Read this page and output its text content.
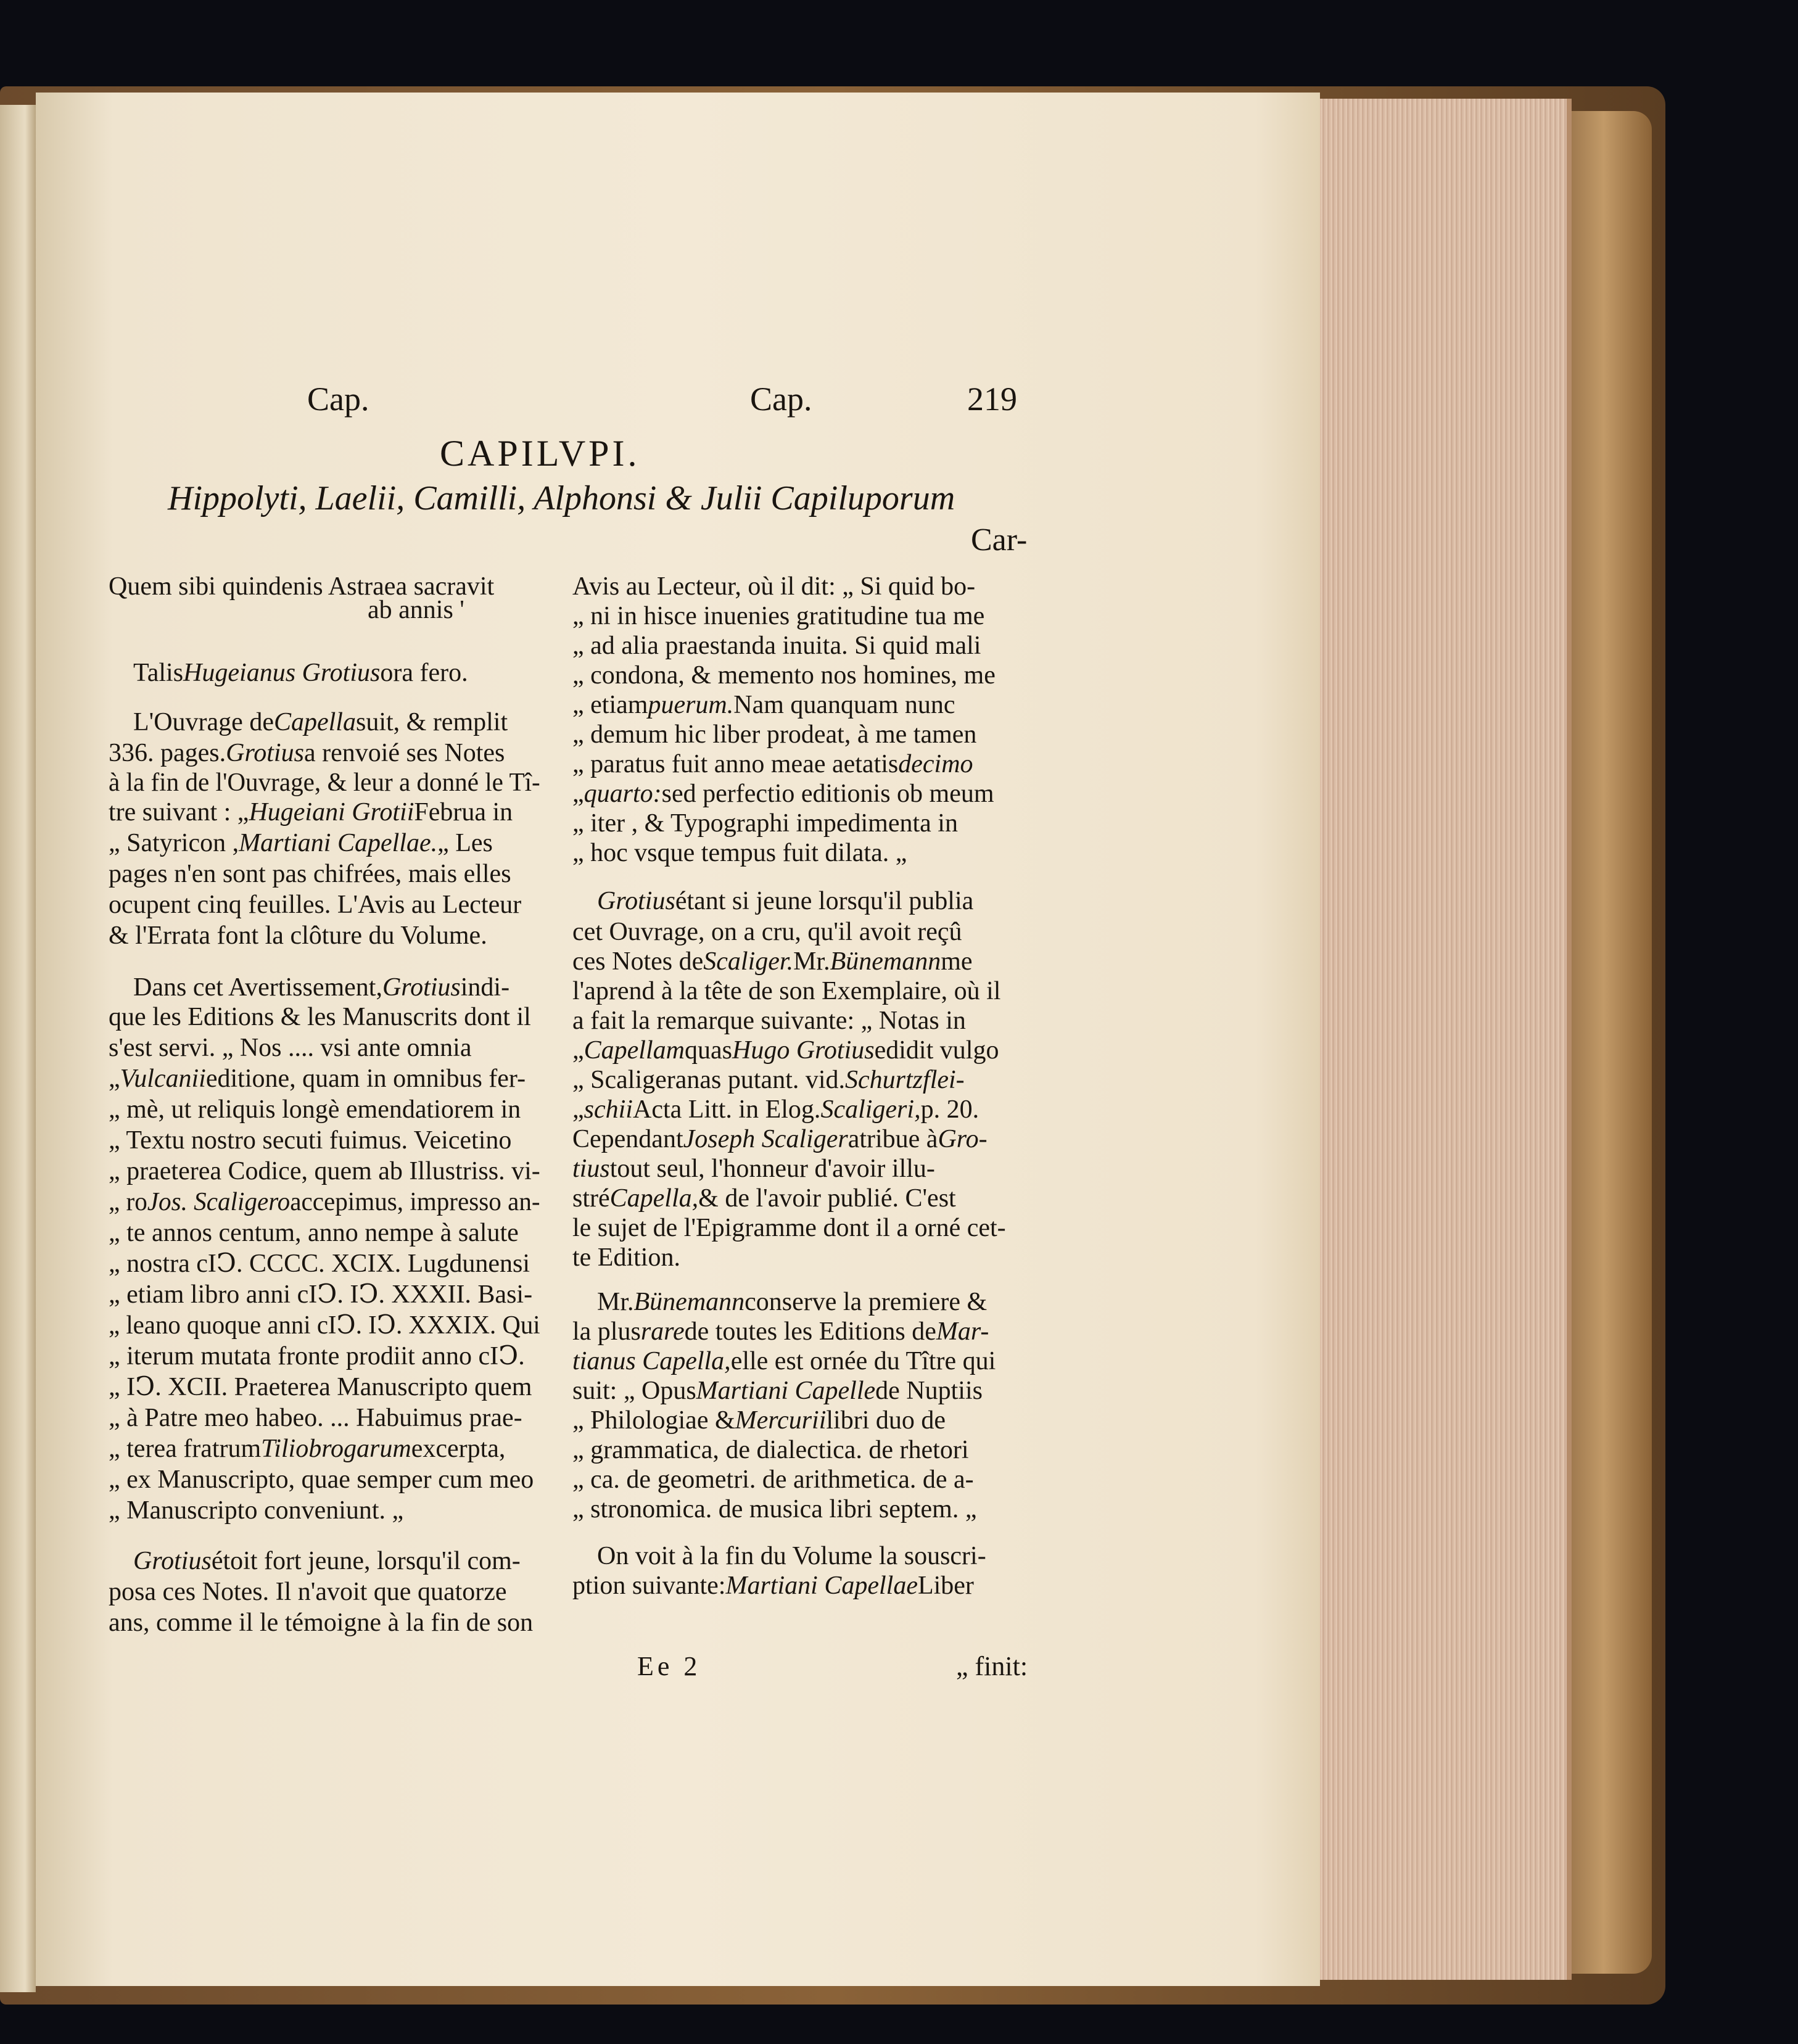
Cap.	Cap.	219
CAPILVPI.
Hippolyti, Laelii, Camilli, Alphonsi & Julii Capiluporum
Car-
Quem sibi quindenis Astraea sacravit
ab annis '
TalisHugeianus Grotiusora fero.
L'Ouvrage deCapellasuit, & remplit
336. pages.Grotiusa renvoié ses Notes
à la fin de l'Ouvrage, & leur a donné le Tî-
tre suivant : „Hugeiani GrotiiFebrua in
„ Satyricon ,Martiani Capellae.„ Les
pages n'en sont pas chifrées, mais elles
ocupent cinq feuilles. L'Avis au Lecteur
& l'Errata font la clôture du Volume.
Dans cet Avertissement,Grotiusindi-
que les Editions & les Manuscrits dont il
s'est servi. „ Nos .... vsi ante omnia
„Vulcaniieditione, quam in omnibus fer-
„ mè, ut reliquis longè emendatiorem in
„ Textu nostro secuti fuimus. Veicetino
„ praeterea Codice, quem ab Illustriss. vi-
„ roJos. Scaligeroaccepimus, impresso an-
„ te annos centum, anno nempe à salute
„ nostra cIↃ. CCCC. XCIX. Lugdunensi
„ etiam libro anni cIↃ. IↃ. XXXII. Basi-
„ leano quoque anni cIↃ. IↃ. XXXIX. Qui
„ iterum mutata fronte prodiit anno cIↃ.
„ IↃ. XCII. Praeterea Manuscripto quem
„ à Patre meo habeo. ... Habuimus prae-
„ terea fratrumTiliobrogarumexcerpta,
„ ex Manuscripto, quae semper cum meo
„ Manuscripto conveniunt. „
Grotiusétoit fort jeune, lorsqu'il com-
posa ces Notes. Il n'avoit que quatorze
ans, comme il le témoigne à la fin de son
Avis au Lecteur, où il dit: „ Si quid bo-
„ ni in hisce inuenies gratitudine tua me
„ ad alia praestanda inuita. Si quid mali
„ condona, & memento nos homines, me
„ etiampuerum.Nam quanquam nunc
„ demum hic liber prodeat, à me tamen
„ paratus fuit anno meae aetatisdecimo
„quarto:sed perfectio editionis ob meum
„ iter , & Typographi impedimenta in
„ hoc vsque tempus fuit dilata. „
Grotiusétant si jeune lorsqu'il publia
cet Ouvrage, on a cru, qu'il avoit reçû
ces Notes deScaliger.Mr.Bünemannme
l'aprend à la tête de son Exemplaire, où il
a fait la remarque suivante: „ Notas in
„CapellamquasHugo Grotiusedidit vulgo
„ Scaligeranas putant. vid.Schurtzflei-
„schiiActa Litt. in Elog.Scaligeri,p. 20.
CependantJoseph Scaligeratribue àGro-
tiustout seul, l'honneur d'avoir illu-
stréCapella,& de l'avoir publié. C'est
le sujet de l'Epigramme dont il a orné cet-
te Edition.
Mr.Bünemannconserve la premiere &
la plusrarede toutes les Editions deMar-
tianus Capella,elle est ornée du Tître qui
suit: „ OpusMartiani Capellede Nuptiis
„ Philologiae &Mercuriilibri duo de
„ grammatica, de dialectica. de rhetori
„ ca. de geometri. de arithmetica. de a-
„ stronomica. de musica libri septem. „
On voit à la fin du Volume la souscri-
ption suivante:Martiani CapellaeLiber
Ee 2	„ finit:
